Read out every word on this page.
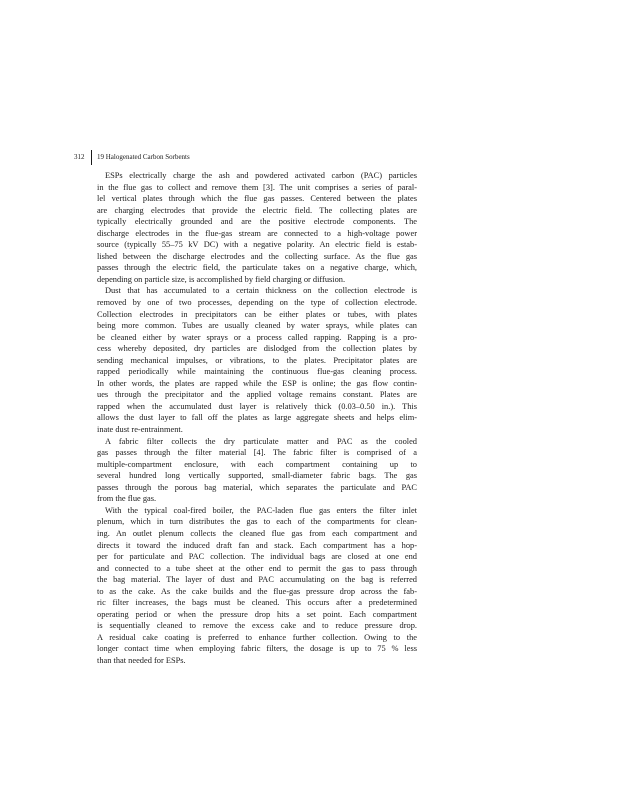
312 19 Halogenated Carbon Sorbents
ESPs electrically charge the ash and powdered activated carbon (PAC) particles
in the flue gas to collect and remove them [3]. The unit comprises a series of paral-
lel vertical plates through which the flue gas passes. Centered between the plates
are charging electrodes that provide the electric field. The collecting plates are
typically electrically grounded and are the positive electrode components. The
discharge electrodes in the flue-gas stream are connected to a high-voltage power
source (typically 55–75 kV DC) with a negative polarity. An electric field is estab-
lished between the discharge electrodes and the collecting surface. As the flue gas
passes through the electric field, the particulate takes on a negative charge, which,
depending on particle size, is accomplished by field charging or diffusion.
Dust that has accumulated to a certain thickness on the collection electrode is
removed by one of two processes, depending on the type of collection electrode.
Collection electrodes in precipitators can be either plates or tubes, with plates
being more common. Tubes are usually cleaned by water sprays, while plates can
be cleaned either by water sprays or a process called rapping. Rapping is a pro-
cess whereby deposited, dry particles are dislodged from the collection plates by
sending mechanical impulses, or vibrations, to the plates. Precipitator plates are
rapped periodically while maintaining the continuous flue-gas cleaning process.
In other words, the plates are rapped while the ESP is online; the gas flow contin-
ues through the precipitator and the applied voltage remains constant. Plates are
rapped when the accumulated dust layer is relatively thick (0.03–0.50 in.). This
allows the dust layer to fall off the plates as large aggregate sheets and helps elim-
inate dust re-entrainment.
A fabric filter collects the dry particulate matter and PAC as the cooled
gas passes through the filter material [4]. The fabric filter is comprised of a
multiple-compartment enclosure, with each compartment containing up to
several hundred long vertically supported, small-diameter fabric bags. The gas
passes through the porous bag material, which separates the particulate and PAC
from the flue gas.
With the typical coal-fired boiler, the PAC-laden flue gas enters the filter inlet
plenum, which in turn distributes the gas to each of the compartments for clean-
ing. An outlet plenum collects the cleaned flue gas from each compartment and
directs it toward the induced draft fan and stack. Each compartment has a hop-
per for particulate and PAC collection. The individual bags are closed at one end
and connected to a tube sheet at the other end to permit the gas to pass through
the bag material. The layer of dust and PAC accumulating on the bag is referred
to as the cake. As the cake builds and the flue-gas pressure drop across the fab-
ric filter increases, the bags must be cleaned. This occurs after a predetermined
operating period or when the pressure drop hits a set point. Each compartment
is sequentially cleaned to remove the excess cake and to reduce pressure drop.
A residual cake coating is preferred to enhance further collection. Owing to the
longer contact time when employing fabric filters, the dosage is up to 75 % less
than that needed for ESPs.
